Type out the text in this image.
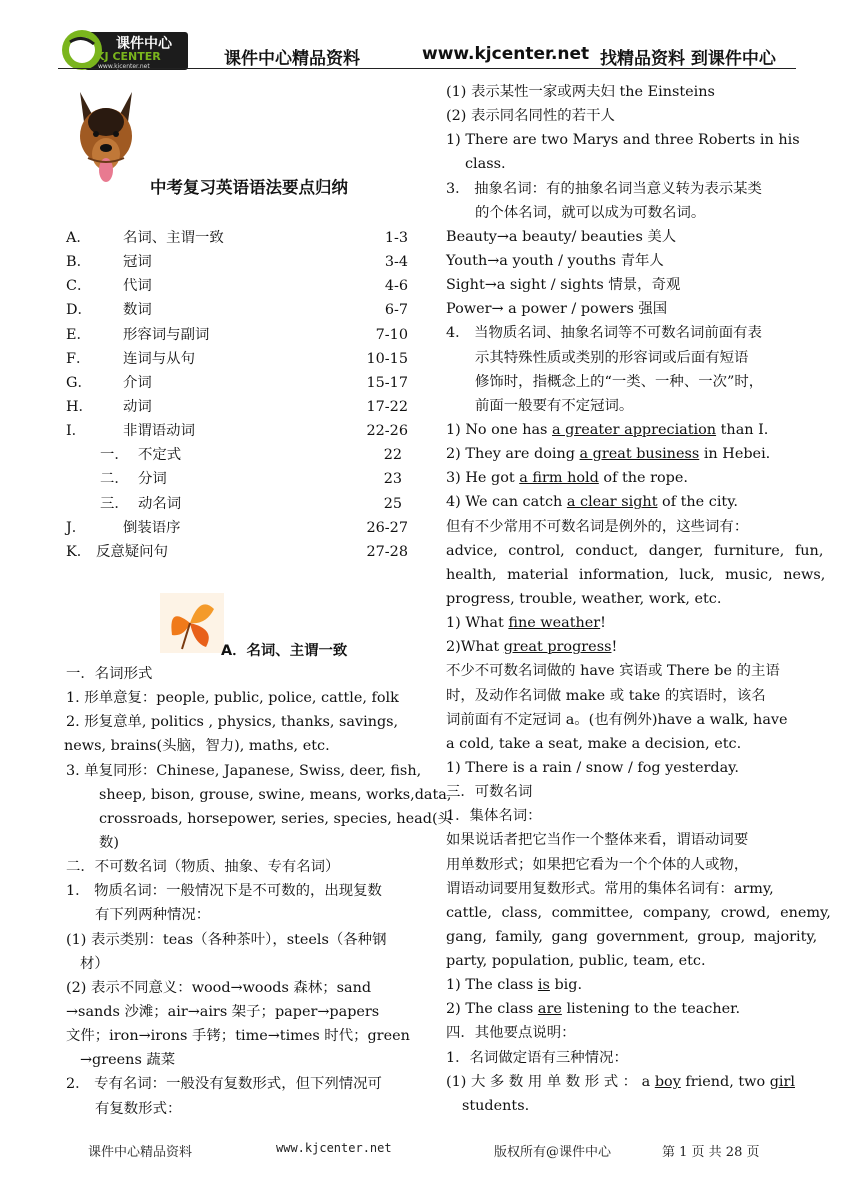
课件中心
KJ CENTER
www.kjcenter.net	课件中心精品资料	www.kjcenter.net 找精品资料 到课件中心
中考复习英语语法要点归纳
A． 名词、主谓一致	1-3
B． 冠词	3-4
C． 代词	4-6
D． 数词	6-7
E． 形容词与副词	7-10
F． 连词与从句	10-15
G． 介词	15-17
H． 动词	17-22
I．	非谓语动词	22-26
一． 不定式	22
二． 分词	23
三． 动名词	25
J．	倒装语序	26-27
K． 反意疑问句	27-28
A．名词、主谓一致
一．名词形式
1. 形单意复：people, public, police, cattle, folk
2. 形复意单, politics , physics, thanks, savings,
news, brains(头脑，智力), maths, etc.
3. 单复同形：Chinese, Japanese, Swiss, deer, fish,
sheep, bison, grouse, swine, means, works,data,
crossroads, horsepower, series, species, head(头
数)
二．不可数名词（物质、抽象、专有名词）
1． 物质名词：一般情况下是不可数的，出现复数
有下列两种情况：
(1) 表示类别：teas（各种茶叶），steels（各种钢
材）
(2) 表示不同意义：wood→woods 森林；sand
→sands 沙滩；air→airs 架子；paper→papers
文件；iron→irons 手铐；time→times 时代；green
→greens 蔬菜
2． 专有名词：一般没有复数形式，但下列情况可
有复数形式：
(1) 表示某性一家或两夫妇 the Einsteins
(2) 表示同名同性的若干人
1) There are two Marys and three Roberts in his
class.
3． 抽象名词：有的抽象名词当意义转为表示某类
的个体名词，就可以成为可数名词。
Beauty→a beauty/ beauties 美人
Youth→a youth / youths 青年人
Sight→a sight / sights 情景，奇观
Power→ a power / powers 强国
4． 当物质名词、抽象名词等不可数名词前面有表
示其特殊性质或类别的形容词或后面有短语
修饰时，指概念上的“一类、一种、一次”时，
前面一般要有不定冠词。
1) No one has a greater appreciation than I.
2) They are doing a great business in Hebei.
3) He got a firm hold of the rope.
4) We can catch a clear sight of the city.
但有不少常用不可数名词是例外的，这些词有：
advice, control, conduct, danger, furniture, fun,
health, material information, luck, music, news,
progress, trouble, weather, work, etc.
1) What fine weather!
2)What great progress!
不少不可数名词做的 have 宾语或 There be 的主语
时，及动作名词做 make 或 take 的宾语时，该名
词前面有不定冠词 a。(也有例外)have a walk, have
a cold, take a seat, make a decision, etc.
1) There is a rain / snow / fog yesterday.
三．可数名词
1．集体名词：
如果说话者把它当作一个整体来看，谓语动词要
用单数形式；如果把它看为一个个体的人或物，
谓语动词要用复数形式。常用的集体名词有：army,
cattle, class, committee, company, crowd, enemy,
gang, family, gang government, group, majority,
party, population, public, team, etc.
1) The class is big.
2) The class are listening to the teacher.
四．其他要点说明：
1．名词做定语有三种情况：
(1) 大 多 数 用 单 数 形 式 ： a boy friend, two girl
students.
课件中心精品资料	www.kjcenter.net	版权所有@课件中心	第 1 页 共 28 页
